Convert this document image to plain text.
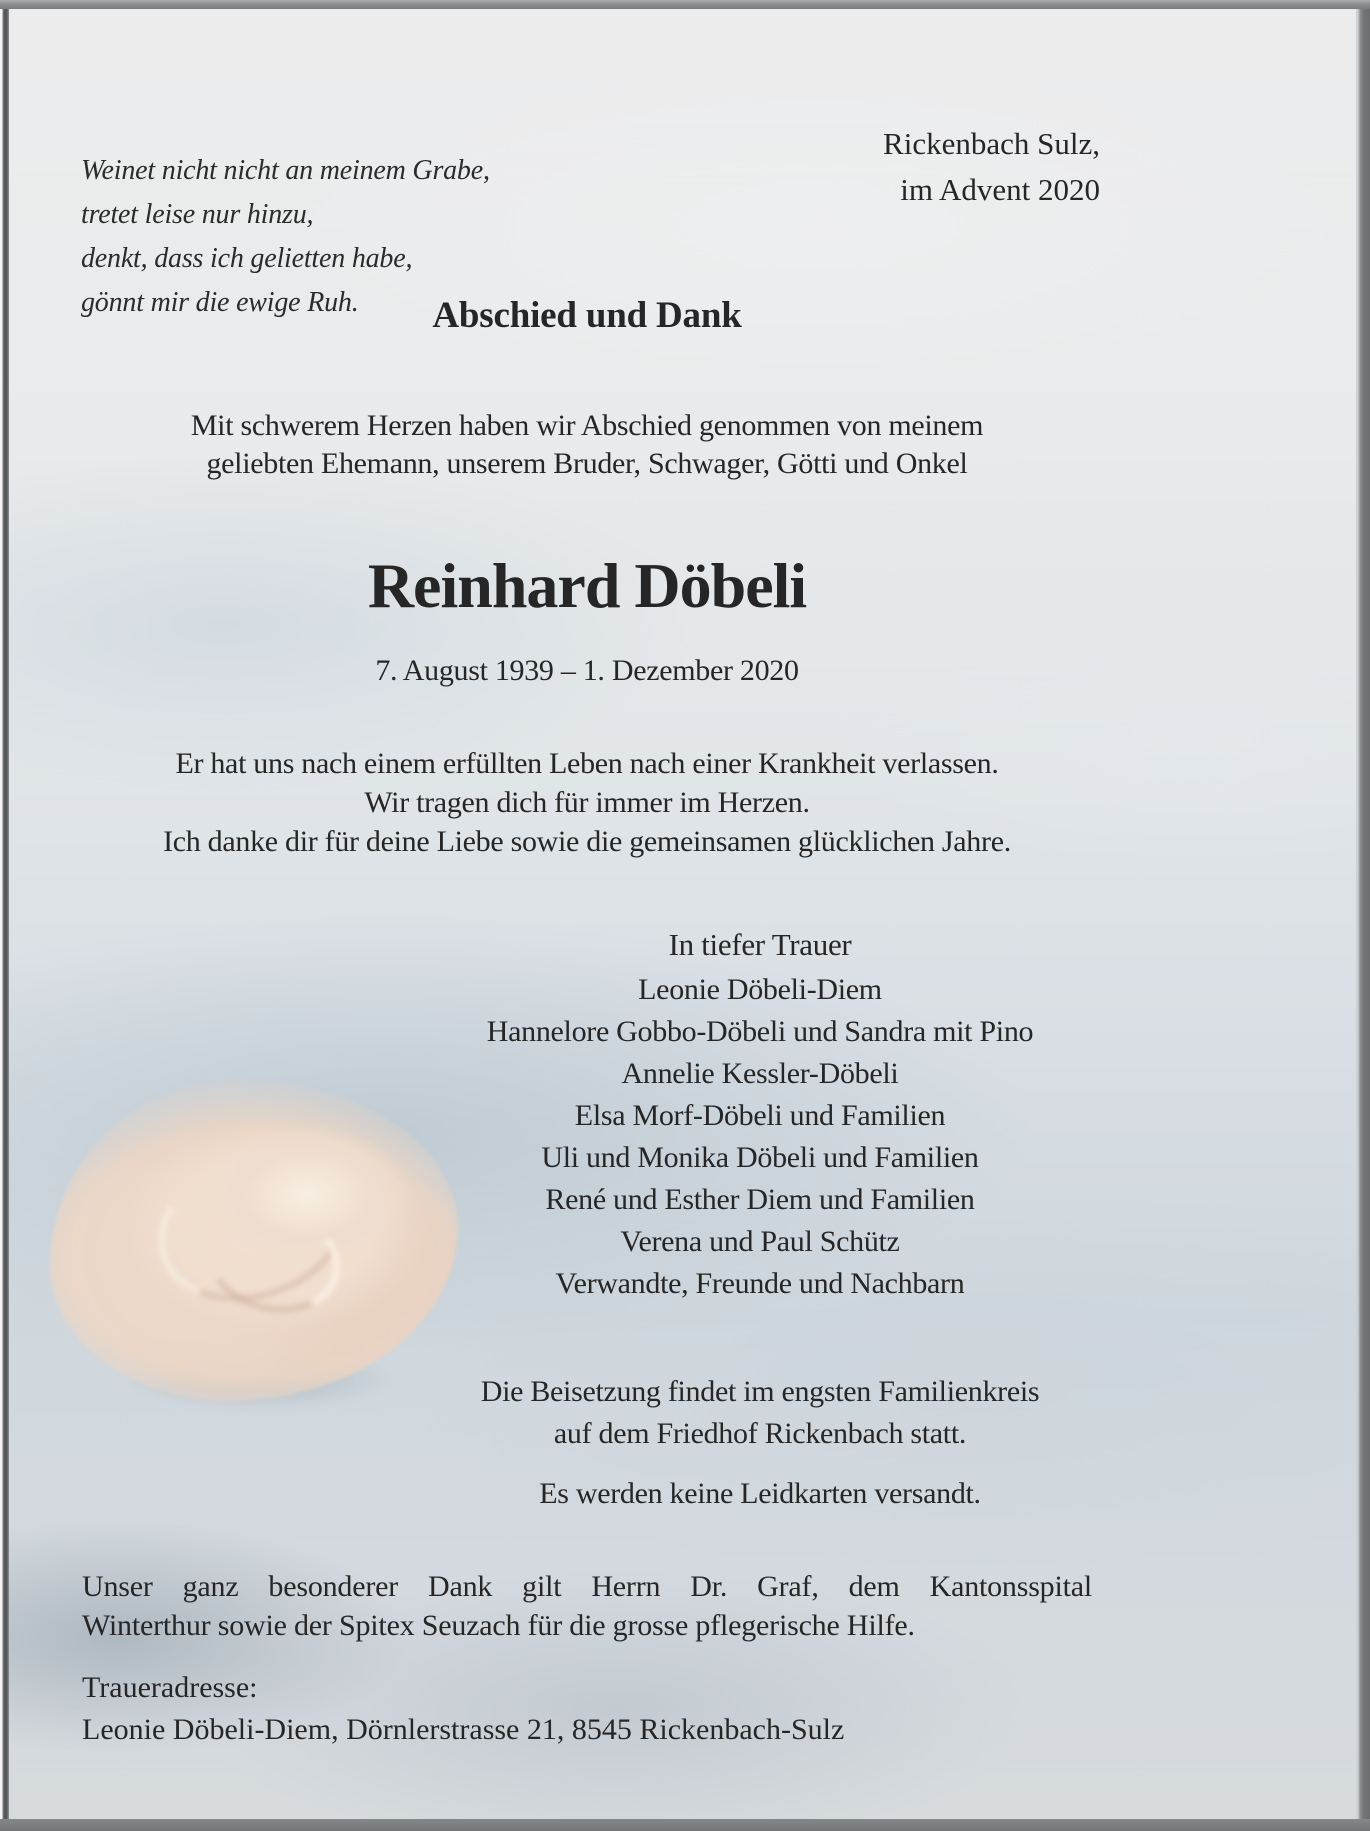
Weinet nicht nicht an meinem Grabe,
tretet leise nur hinzu,
denkt, dass ich gelietten habe,
gönnt mir die ewige Ruh.
Rickenbach Sulz,
im Advent 2020
Abschied und Dank
Mit schwerem Herzen haben wir Abschied genommen von meinem
geliebten Ehemann, unserem Bruder, Schwager, Götti und Onkel
Reinhard Döbeli
7. August 1939 – 1. Dezember 2020
Er hat uns nach einem erfüllten Leben nach einer Krankheit verlassen.
Wir tragen dich für immer im Herzen.
Ich danke dir für deine Liebe sowie die gemeinsamen glücklichen Jahre.
In tiefer Trauer
Leonie Döbeli-Diem
Hannelore Gobbo-Döbeli und Sandra mit Pino
Annelie Kessler-Döbeli
Elsa Morf-Döbeli und Familien
Uli und Monika Döbeli und Familien
René und Esther Diem und Familien
Verena und Paul Schütz
Verwandte, Freunde und Nachbarn
Die Beisetzung findet im engsten Familienkreis
auf dem Friedhof Rickenbach statt.
Es werden keine Leidkarten versandt.
Unser ganz besonderer Dank gilt Herrn Dr. Graf, dem Kantonsspital
Winterthur sowie der Spitex Seuzach für die grosse pflegerische Hilfe.
Traueradresse:
Leonie Döbeli-Diem, Dörnlerstrasse 21, 8545 Rickenbach-Sulz
